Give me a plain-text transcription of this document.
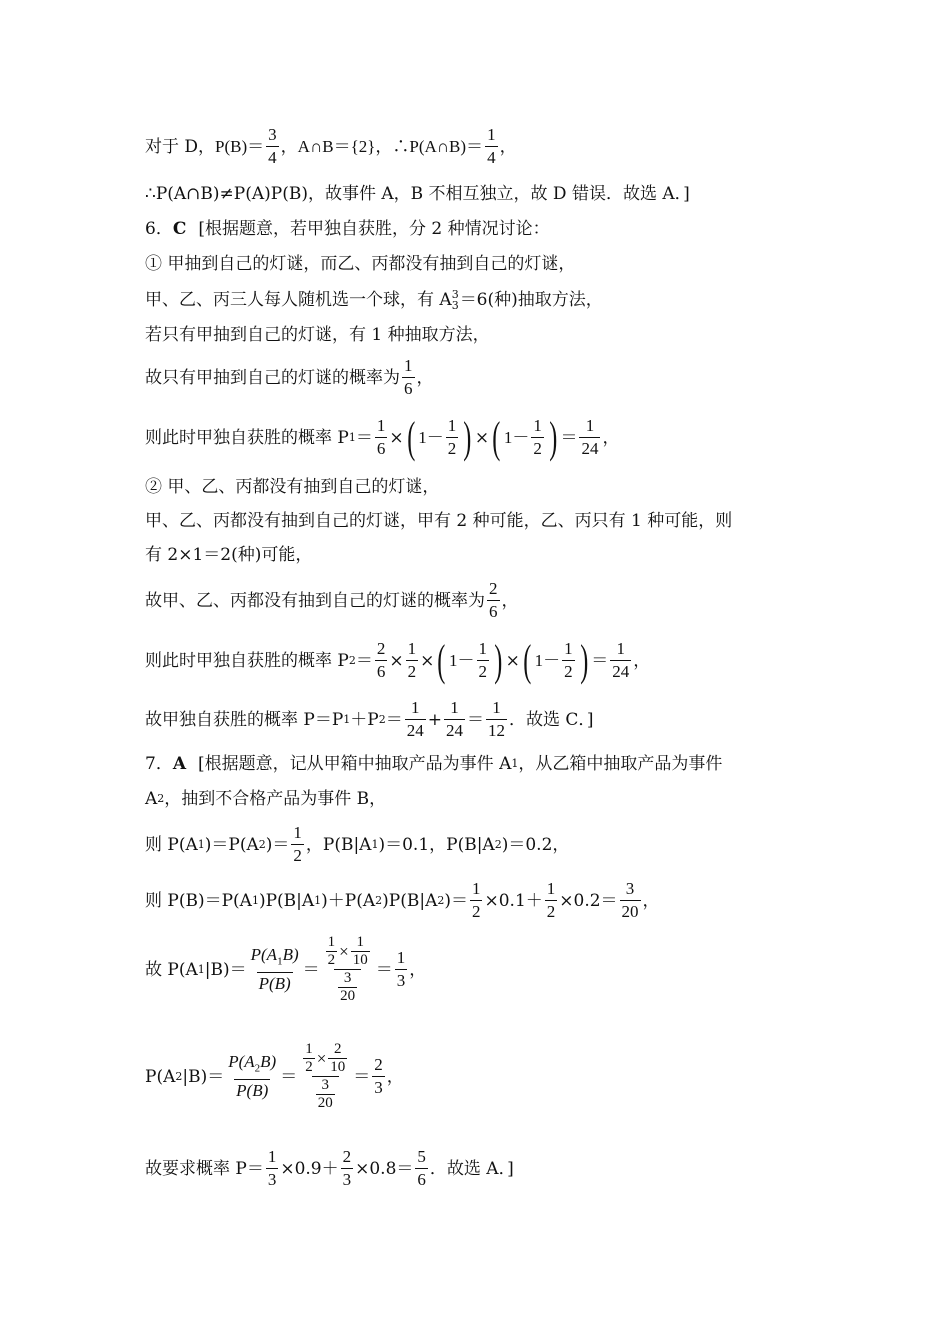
对于 D， $P(B)= \frac{3}{4}$ ，A∩B＝{2}，∴P(A∩B)＝ $\frac{1}{4}$ ，
∴P(A∩B)≠P(A)P(B)，故事件 A，B 不相互独立，故 D 错误．故选 A．]
6． C [根据题意，若甲独自获胜，分 2 种情况讨论：
① 甲抽到自己的灯谜，而乙、丙都没有抽到自己的灯谜，
甲、乙、丙三人每人随机选一个球，有 A 3
3 ＝6(种)抽取方法，
若只有甲抽到自己的灯谜，有 1 种抽取方法，
故只有甲抽到自己的灯谜的概率为 $\frac{1}{6}$ ，
则此时甲独自获胜的概率 P $1 = \frac{1}{6}$ × ( $1- \frac{1}{2}$ ) × ( $1- \frac{1}{2}$ ) ＝ $\frac{1}{24}$ ，
② 甲、乙、丙都没有抽到自己的灯谜，
甲、乙、丙都没有抽到自己的灯谜，甲有 2 种可能，乙、丙只有 1 种可能，则
有 2×1＝2(种)可能，
故甲、乙、丙都没有抽到自己的灯谜的概率为 $\frac{2}{6}$ ，
则此时甲独自获胜的概率 P $2 = \frac{2}{6} \times \frac{1}{2}$ × ( $1- \frac{1}{2}$ ) × ( $1- \frac{1}{2}$ ) ＝ $\frac{1}{24}$ ，
故甲独自获胜的概率 P＝P 1 ＋P $2 = \frac{1}{24} + \frac{1}{24} = \frac{1}{12}$ ．故选 C．]
7． A [根据题意，记从甲箱中抽取产品为事件 A 1 ，从乙箱中抽取产品为事件
A 2 ，抽到不合格产品为事件 B，
则 P(A 1 )＝P(A 2 )＝ $\frac{1}{2}$ ，P(B|A 1 )＝0.1，P(B|A 2 )＝0.2，
则 P(B)＝P(A 1 )P(B|A 1 )＋P(A 2 )P(B|A 2 )＝ $\frac{1}{2} \times 0.1+ \frac{1}{2} \times 0.2= \frac{3}{20}$ ，
故 P(A 1 $|B)= \frac{P(A_1B)}{P(B)} = \frac{\frac{1}{2} \times \frac{1}{10}}{\frac{3}{20}} = \frac{1}{3}$ ，
P(A 2 $|B)= \frac{P(A_2B)}{P(B)} = \frac{\frac{1}{2} \times \frac{2}{10}}{\frac{3}{20}} = \frac{2}{3}$ ，
故要求概率 $P= \frac{1}{3} \times 0.9+ \frac{2}{3} \times 0.8= \frac{5}{6}$ ．故选 A．]
